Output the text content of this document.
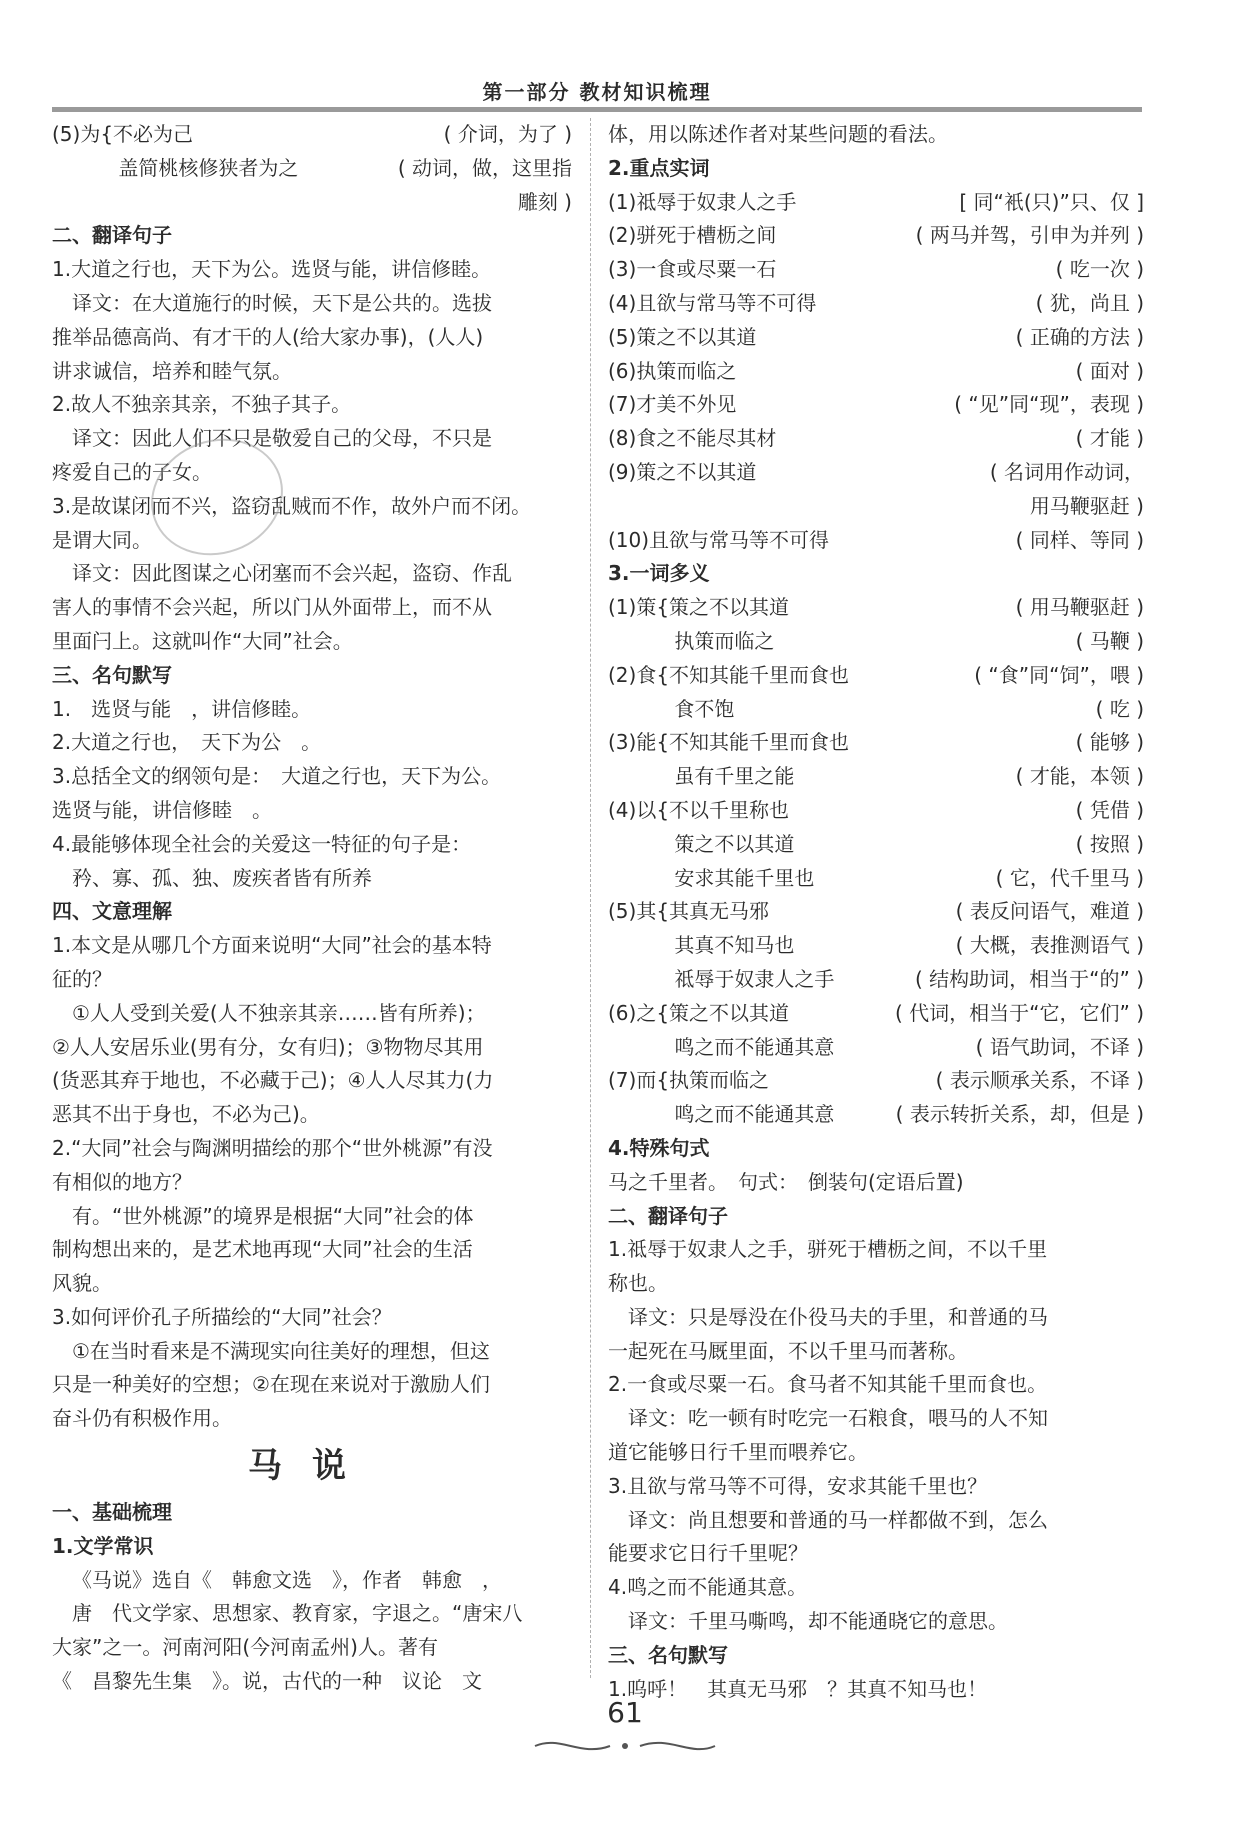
第一部分 教材知识梳理
(5)为{不必为己	( 介词，为了 )
　　　 盖简桃核修狭者为之	( 动词，做，这里指
雕刻 )
二、翻译句子
1.大道之行也，天下为公。选贤与能，讲信修睦。
译文：在大道施行的时候，天下是公共的。选拔
推举品德高尚、有才干的人(给大家办事)，(人人)
讲求诚信，培养和睦气氛。
2.故人不独亲其亲，不独子其子。
译文：因此人们不只是敬爱自己的父母，不只是
疼爱自己的子女。
3.是故谋闭而不兴，盗窃乱贼而不作，故外户而不闭。
是谓大同。
译文：因此图谋之心闭塞而不会兴起，盗窃、作乱
害人的事情不会兴起，所以门从外面带上，而不从
里面闩上。这就叫作“大同”社会。
三、名句默写
1.　选贤与能　，讲信修睦。
2.大道之行也，　天下为公　。
3.总括全文的纲领句是：　大道之行也，天下为公。
选贤与能，讲信修睦　。
4.最能够体现全社会的关爱这一特征的句子是：
矜、寡、孤、独、废疾者皆有所养
四、文意理解
1.本文是从哪几个方面来说明“大同”社会的基本特
征的？
①人人受到关爱(人不独亲其亲……皆有所养)；
②人人安居乐业(男有分，女有归)；③物物尽其用
(货恶其弃于地也，不必藏于己)；④人人尽其力(力
恶其不出于身也，不必为己)。
2.“大同”社会与陶渊明描绘的那个“世外桃源”有没
有相似的地方？
有。“世外桃源”的境界是根据“大同”社会的体
制构想出来的，是艺术地再现“大同”社会的生活
风貌。
3.如何评价孔子所描绘的“大同”社会？
①在当时看来是不满现实向往美好的理想，但这
只是一种美好的空想；②在现在来说对于激励人们
奋斗仍有积极作用。
马说
一、基础梳理
1.文学常识
《马说》选自《　韩愈文选　》，作者　韩愈　，
　唐　代文学家、思想家、教育家，字退之。“唐宋八
大家”之一。河南河阳(今河南孟州)人。著有
《　昌黎先生集　》。说，古代的一种　议论　文
体，用以陈述作者对某些问题的看法。
2.重点实词
(1)祗辱于奴隶人之手	[ 同“衹(只)”只、仅 ]
(2)骈死于槽枥之间	( 两马并驾，引申为并列 )
(3)一食或尽粟一石	( 吃一次 )
(4)且欲与常马等不可得	( 犹，尚且 )
(5)策之不以其道	( 正确的方法 )
(6)执策而临之	( 面对 )
(7)才美不外见	( “见”同“现”，表现 )
(8)食之不能尽其材	( 才能 )
(9)策之不以其道	( 名词用作动词，
用马鞭驱赶 )
(10)且欲与常马等不可得	( 同样、等同 )
3.一词多义
(1)策{策之不以其道	( 用马鞭驱赶 )
　　　 执策而临之	( 马鞭 )
(2)食{不知其能千里而食也	( “食”同“饲”，喂 )
　　　 食不饱	( 吃 )
(3)能{不知其能千里而食也	( 能够 )
　　　 虽有千里之能	( 才能，本领 )
(4)以{不以千里称也	( 凭借 )
　　　 策之不以其道	( 按照 )
　　　 安求其能千里也	( 它，代千里马 )
(5)其{其真无马邪	( 表反问语气，难道 )
　　　 其真不知马也	( 大概，表推测语气 )
　　　 祗辱于奴隶人之手	( 结构助词，相当于“的” )
(6)之{策之不以其道	( 代词，相当于“它，它们” )
　　　 鸣之而不能通其意	( 语气助词，不译 )
(7)而{执策而临之	( 表示顺承关系，不译 )
　　　 鸣之而不能通其意	( 表示转折关系，却，但是 )
4.特殊句式
马之千里者。　句式：　倒装句(定语后置)
二、翻译句子
1.祗辱于奴隶人之手，骈死于槽枥之间，不以千里
称也。
译文：只是辱没在仆役马夫的手里，和普通的马
一起死在马厩里面，不以千里马而著称。
2.一食或尽粟一石。食马者不知其能千里而食也。
译文：吃一顿有时吃完一石粮食，喂马的人不知
道它能够日行千里而喂养它。
3.且欲与常马等不可得，安求其能千里也？
译文：尚且想要和普通的马一样都做不到，怎么
能要求它日行千里呢？
4.鸣之而不能通其意。
译文：千里马嘶鸣，却不能通晓它的意思。
三、名句默写
1.呜呼！　其真无马邪　？其真不知马也！
61
